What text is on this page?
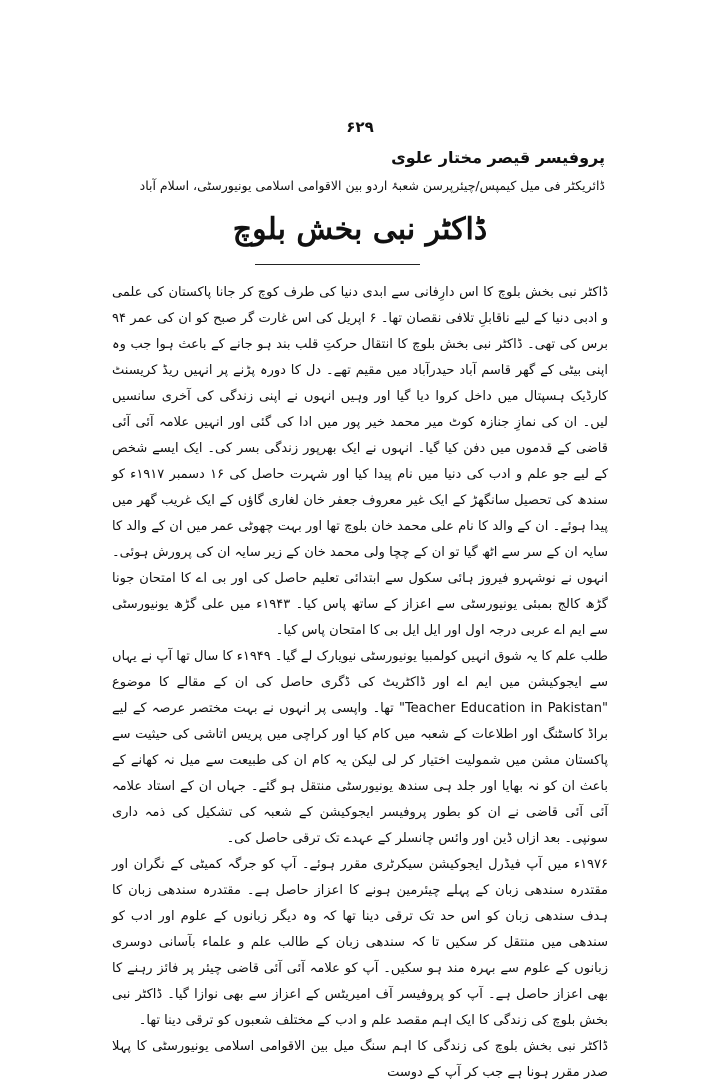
۶۲۹
پروفیسر قیصر مختار علوی
ڈائریکٹر فی میل کیمپس/چیئرپرسن شعبۂ اردو بین الاقوامی اسلامی یونیورسٹی، اسلام آباد
ڈاکٹر نبی بخش بلوچ

ڈاکٹر نبی بخش بلوچ کا اس دارِفانی سے ابدی دنیا کی طرف کوچ کر جانا پاکستان کی علمی و ادبی دنیا کے لیے ناقابلِ تلافی نقصان تھا۔ ۶ اپریل کی اس غارت گر صبح کو ان کی عمر ۹۴ برس کی تھی۔ ڈاکٹر نبی بخش بلوچ کا انتقال حرکتِ قلب بند ہو جانے کے باعث ہوا جب وہ اپنی بیٹی کے گھر قاسم آباد حیدرآباد میں مقیم تھے۔ دل کا دورہ پڑنے پر انہیں ریڈ کریسنٹ کارڈیک ہسپتال میں داخل کروا دیا گیا اور وہیں انہوں نے اپنی زندگی کی آخری سانسیں لیں۔ ان کی نمازِ جنازہ کوٹ میر محمد خیر پور میں ادا کی گئی اور انہیں علامہ آئی آئی قاضی کے قدموں میں دفن کیا گیا۔ انہوں نے ایک بھرپور زندگی بسر کی۔ ایک ایسے شخص کے لیے جو علم و ادب کی دنیا میں نام پیدا کیا اور شہرت حاصل کی ۱۶ دسمبر ۱۹۱۷ء کو سندھ کی تحصیل سانگھڑ کے ایک غیر معروف جعفر خان لغاری گاؤں کے ایک غریب گھر میں پیدا ہوئے۔ ان کے والد کا نام علی محمد خان بلوچ تھا اور بہت چھوٹی عمر میں ان کے والد کا سایہ ان کے سر سے اٹھ گیا تو ان کے چچا ولی محمد خان کے زیر سایہ ان کی پرورش ہوئی۔ انہوں نے نوشہرو فیروز ہائی سکول سے ابتدائی تعلیم حاصل کی اور بی اے کا امتحان جونا گڑھ کالج بمبئی یونیورسٹی سے اعزاز کے ساتھ پاس کیا۔ ۱۹۴۳ء میں علی گڑھ یونیورسٹی سے ایم اے عربی درجہ اول اور ایل ایل بی کا امتحان پاس کیا۔

طلب علم کا یہ شوق انہیں کولمبیا یونیورسٹی نیویارک لے گیا۔ ۱۹۴۹ء کا سال تھا آپ نے یہاں سے ایجوکیشن میں ایم اے اور ڈاکٹریٹ کی ڈگری حاصل کی ان کے مقالے کا موضوع "Teacher Education in Pakistan" تھا۔ واپسی پر انہوں نے بہت مختصر عرصہ کے لیے براڈ کاسٹنگ اور اطلاعات کے شعبہ میں کام کیا اور کراچی میں پریس اتاشی کی حیثیت سے پاکستان مشن میں شمولیت اختیار کر لی لیکن یہ کام ان کی طبیعت سے میل نہ کھانے کے باعث ان کو نہ بھایا اور جلد ہی سندھ یونیورسٹی منتقل ہو گئے۔ جہاں ان کے استاد علامہ آئی آئی قاضی نے ان کو بطور پروفیسر ایجوکیشن کے شعبہ کی تشکیل کی ذمہ داری سونپی۔ بعد ازاں ڈین اور وائس چانسلر کے عہدے تک ترقی حاصل کی۔

۱۹۷۶ء میں آپ فیڈرل ایجوکیشن سیکرٹری مقرر ہوئے۔ آپ کو جرگہ کمیٹی کے نگران اور مقتدرہ سندھی زبان کے پہلے چیئرمین ہونے کا اعزاز حاصل ہے۔ مقتدرہ سندھی زبان کا ہدف سندھی زبان کو اس حد تک ترقی دینا تھا کہ وہ دیگر زبانوں کے علوم اور ادب کو سندھی میں منتقل کر سکیں تا کہ سندھی زبان کے طالب علم و علماء بآسانی دوسری زبانوں کے علوم سے بہرہ مند ہو سکیں۔ آپ کو علامہ آئی آئی قاضی چیئر پر فائز رہنے کا بھی اعزاز حاصل ہے۔ آپ کو پروفیسر آف امیریٹس کے اعزاز سے بھی نوازا گیا۔ ڈاکٹر نبی بخش بلوچ کی زندگی کا ایک اہم مقصد علم و ادب کے مختلف شعبوں کو ترقی دینا تھا۔

ڈاکٹر نبی بخش بلوچ کی زندگی کا اہم سنگ میل بین الاقوامی اسلامی یونیورسٹی کا پہلا صدر مقرر ہونا ہے جب کر آپ کے دوست
